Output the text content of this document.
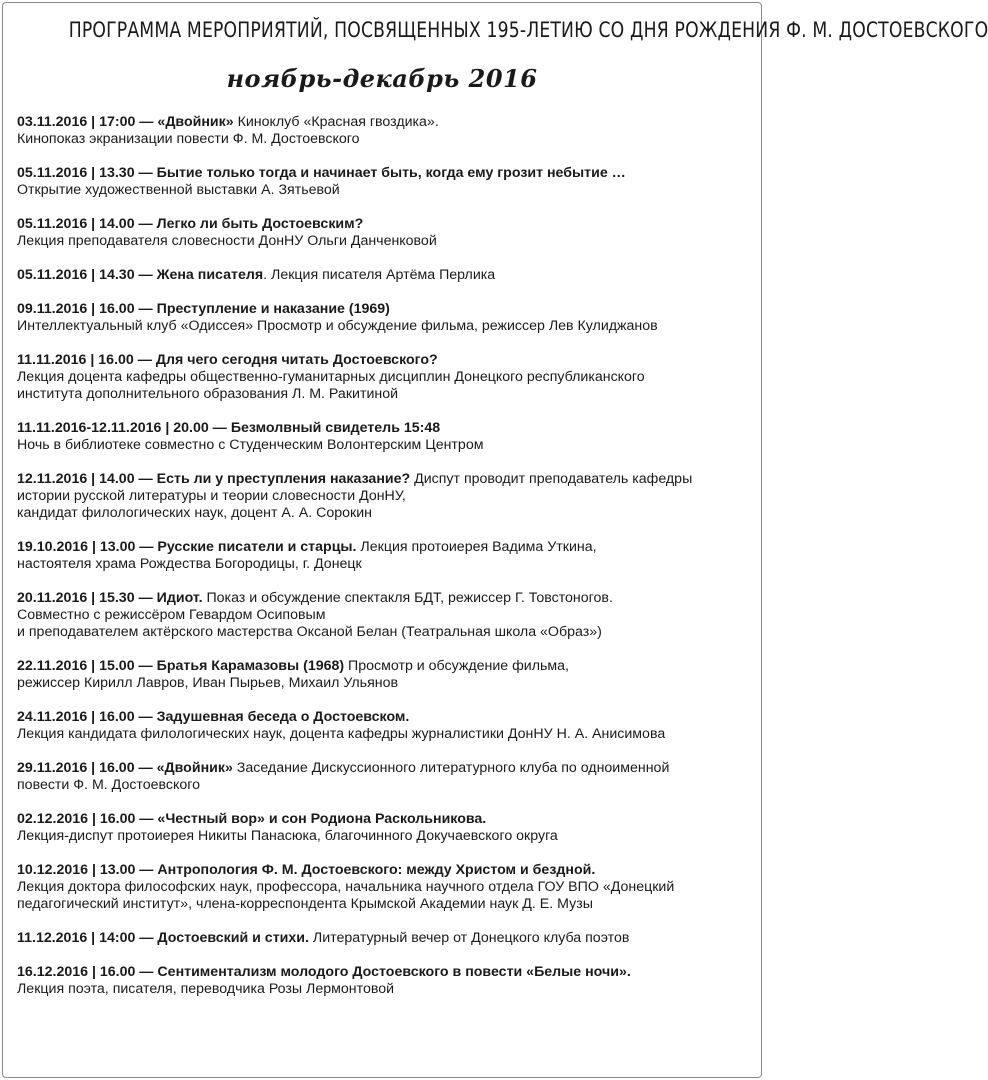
ПРОГРАММА МЕРОПРИЯТИЙ, ПОСВЯЩЕННЫХ 195-ЛЕТИЮ СО ДНЯ РОЖДЕНИЯ Ф. М. ДОСТОЕВСКОГО
ноябрь-декабрь 2016
03.11.2016 | 17:00 — «Двойник» Киноклуб «Красная гвоздика».
Кинопоказ экранизации повести Ф. М. Достоевского
05.11.2016 | 13.30 — Бытие только тогда и начинает быть, когда ему грозит небытие …
Открытие художественной выставки А. Зятьевой
05.11.2016 | 14.00 — Легко ли быть Достоевским?
Лекция преподавателя словесности ДонНУ Ольги Данченковой
05.11.2016 | 14.30 — Жена писателя. Лекция писателя Артёма Перлика
09.11.2016 | 16.00 — Преступление и наказание (1969)
Интеллектуальный клуб «Одиссея» Просмотр и обсуждение фильма, режиссер Лев Кулиджанов
11.11.2016 | 16.00 — Для чего сегодня читать Достоевского?
Лекция доцента кафедры общественно-гуманитарных дисциплин Донецкого республиканского
института дополнительного образования Л. М. Ракитиной
11.11.2016-12.11.2016 | 20.00 — Безмолвный свидетель 15:48
Ночь в библиотеке совместно с Студенческим Волонтерским Центром
12.11.2016 | 14.00 — Есть ли у преступления наказание? Диспут проводит преподаватель кафедры
истории русской литературы и теории словесности ДонНУ,
кандидат филологических наук, доцент А. А. Сорокин
19.10.2016 | 13.00 — Русские писатели и старцы. Лекция протоиерея Вадима Уткина,
настоятеля храма Рождества Богородицы, г. Донецк
20.11.2016 | 15.30 — Идиот. Показ и обсуждение спектакля БДТ, режиссер Г. Товстоногов.
Совместно с режиссёром Гевардом Осиповым
и преподавателем актёрского мастерства Оксаной Белан (Театральная школа «Образ»)
22.11.2016 | 15.00 — Братья Карамазовы (1968) Просмотр и обсуждение фильма,
режиссер Кирилл Лавров, Иван Пырьев, Михаил Ульянов
24.11.2016 | 16.00 — Задушевная беседа о Достоевском.
Лекция кандидата филологических наук, доцента кафедры журналистики ДонНУ Н. А. Анисимова
29.11.2016 | 16.00 — «Двойник» Заседание Дискуссионного литературного клуба по одноименной
повести Ф. М. Достоевского
02.12.2016 | 16.00 — «Честный вор» и сон Родиона Раскольникова.
Лекция-диспут протоиерея Никиты Панасюка, благочинного Докучаевского округа
10.12.2016 | 13.00 — Антропология Ф. М. Достоевского: между Христом и бездной.
Лекция доктора философских наук, профессора, начальника научного отдела ГОУ ВПО «Донецкий
педагогический институт», члена-корреспондента Крымской Академии наук Д. Е. Музы
11.12.2016 | 14:00 — Достоевский и стихи. Литературный вечер от Донецкого клуба поэтов
16.12.2016 | 16.00 — Сентиментализм молодого Достоевского в повести «Белые ночи».
Лекция поэта, писателя, переводчика Розы Лермонтовой
